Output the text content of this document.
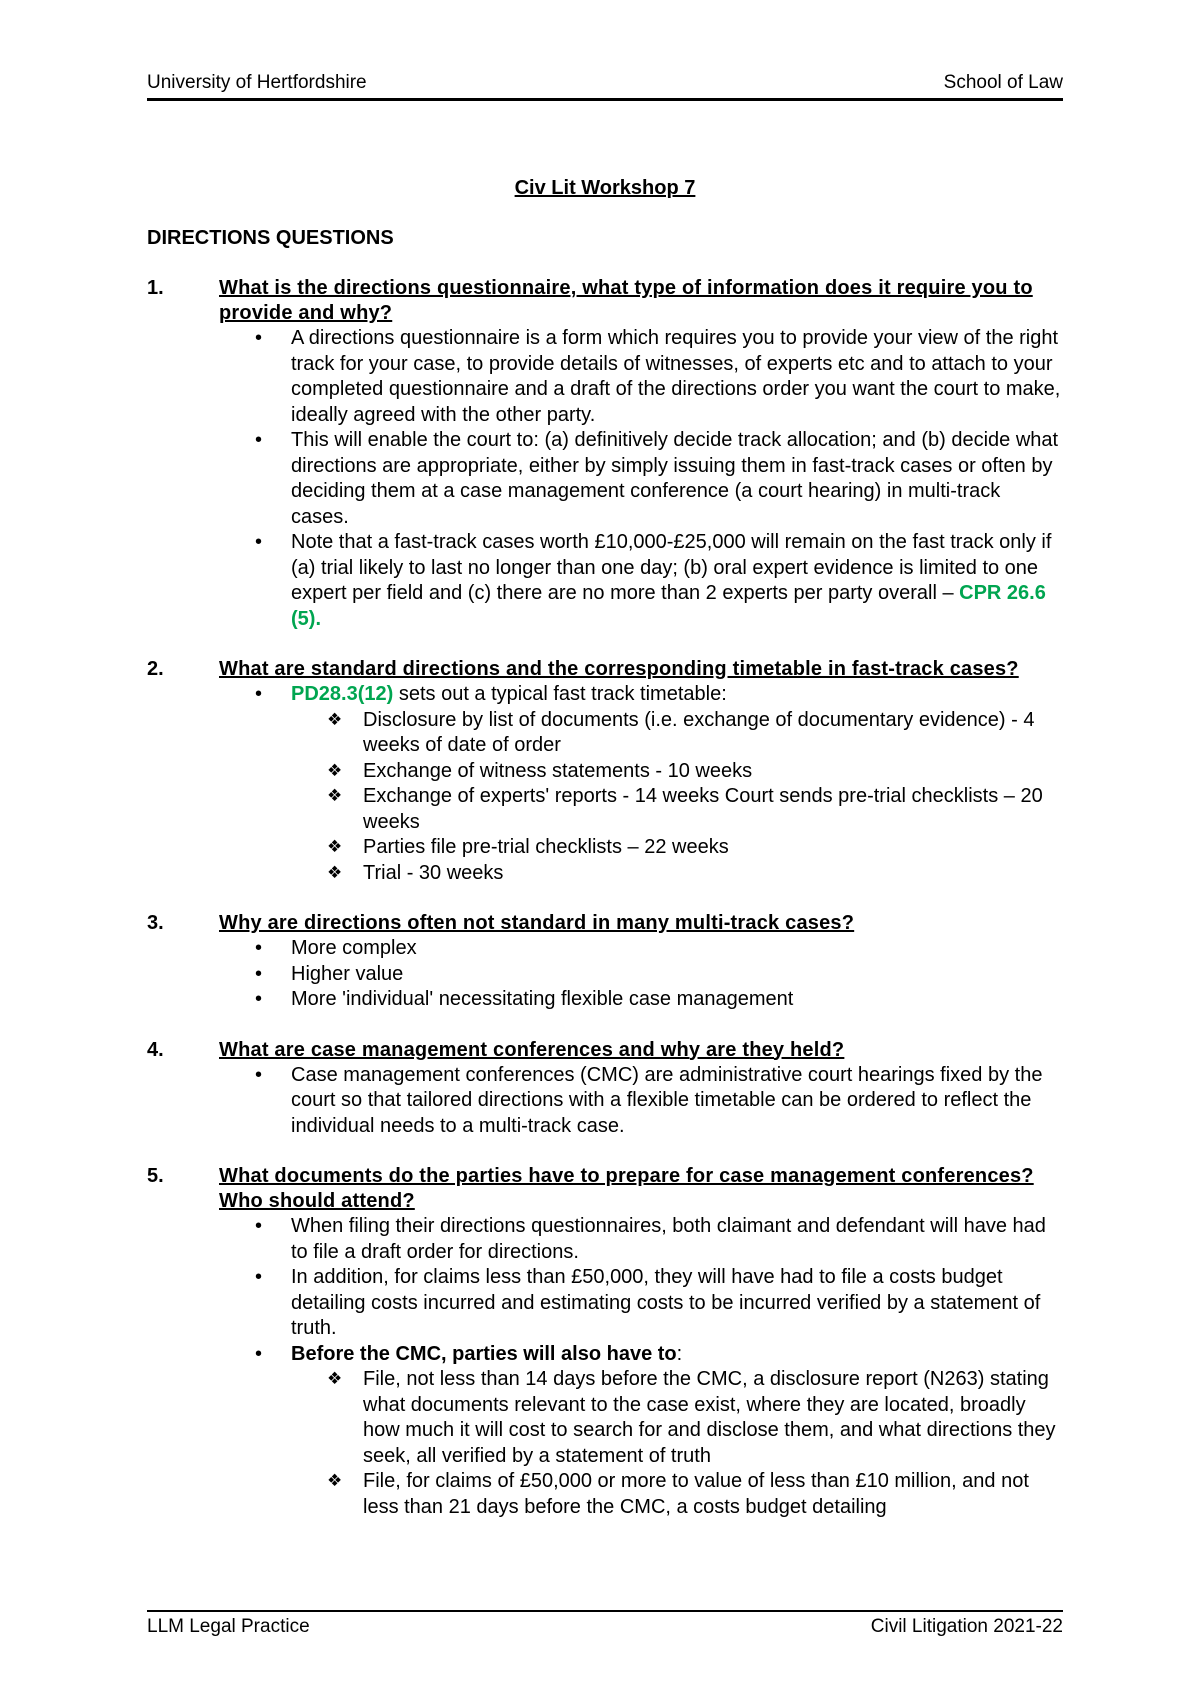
University of Hertfordshire	School of Law
Civ Lit Workshop 7
DIRECTIONS QUESTIONS
1.	What is the directions questionnaire, what type of information does it require you to provide and why?
• A directions questionnaire is a form which requires you to provide your view of the right track for your case, to provide details of witnesses, of experts etc and to attach to your completed questionnaire and a draft of the directions order you want the court to make, ideally agreed with the other party.
• This will enable the court to: (a) definitively decide track allocation; and (b) decide what directions are appropriate, either by simply issuing them in fast-track cases or often by deciding them at a case management conference (a court hearing) in multi-track cases.
• Note that a fast-track cases worth £10,000-£25,000 will remain on the fast track only if (a) trial likely to last no longer than one day; (b) oral expert evidence is limited to one expert per field and (c) there are no more than 2 experts per party overall – CPR 26.6 (5).
2.	What are standard directions and the corresponding timetable in fast-track cases?
• PD28.3(12) sets out a typical fast track timetable:
❖ Disclosure by list of documents (i.e. exchange of documentary evidence) - 4 weeks of date of order
❖ Exchange of witness statements - 10 weeks
❖ Exchange of experts' reports - 14 weeks Court sends pre-trial checklists – 20 weeks
❖ Parties file pre-trial checklists – 22 weeks
❖ Trial - 30 weeks
3.	Why are directions often not standard in many multi-track cases?
• More complex
• Higher value
• More 'individual' necessitating flexible case management
4.	What are case management conferences and why are they held?
• Case management conferences (CMC) are administrative court hearings fixed by the court so that tailored directions with a flexible timetable can be ordered to reflect the individual needs to a multi-track case.
5.	What documents do the parties have to prepare for case management conferences? Who should attend?
• When filing their directions questionnaires, both claimant and defendant will have had to file a draft order for directions.
• In addition, for claims less than £50,000, they will have had to file a costs budget detailing costs incurred and estimating costs to be incurred verified by a statement of truth.
• Before the CMC, parties will also have to:
❖ File, not less than 14 days before the CMC, a disclosure report (N263) stating what documents relevant to the case exist, where they are located, broadly how much it will cost to search for and disclose them, and what directions they seek, all verified by a statement of truth
❖ File, for claims of £50,000 or more to value of less than £10 million, and not less than 21 days before the CMC, a costs budget detailing
LLM Legal Practice	Civil Litigation 2021-22
